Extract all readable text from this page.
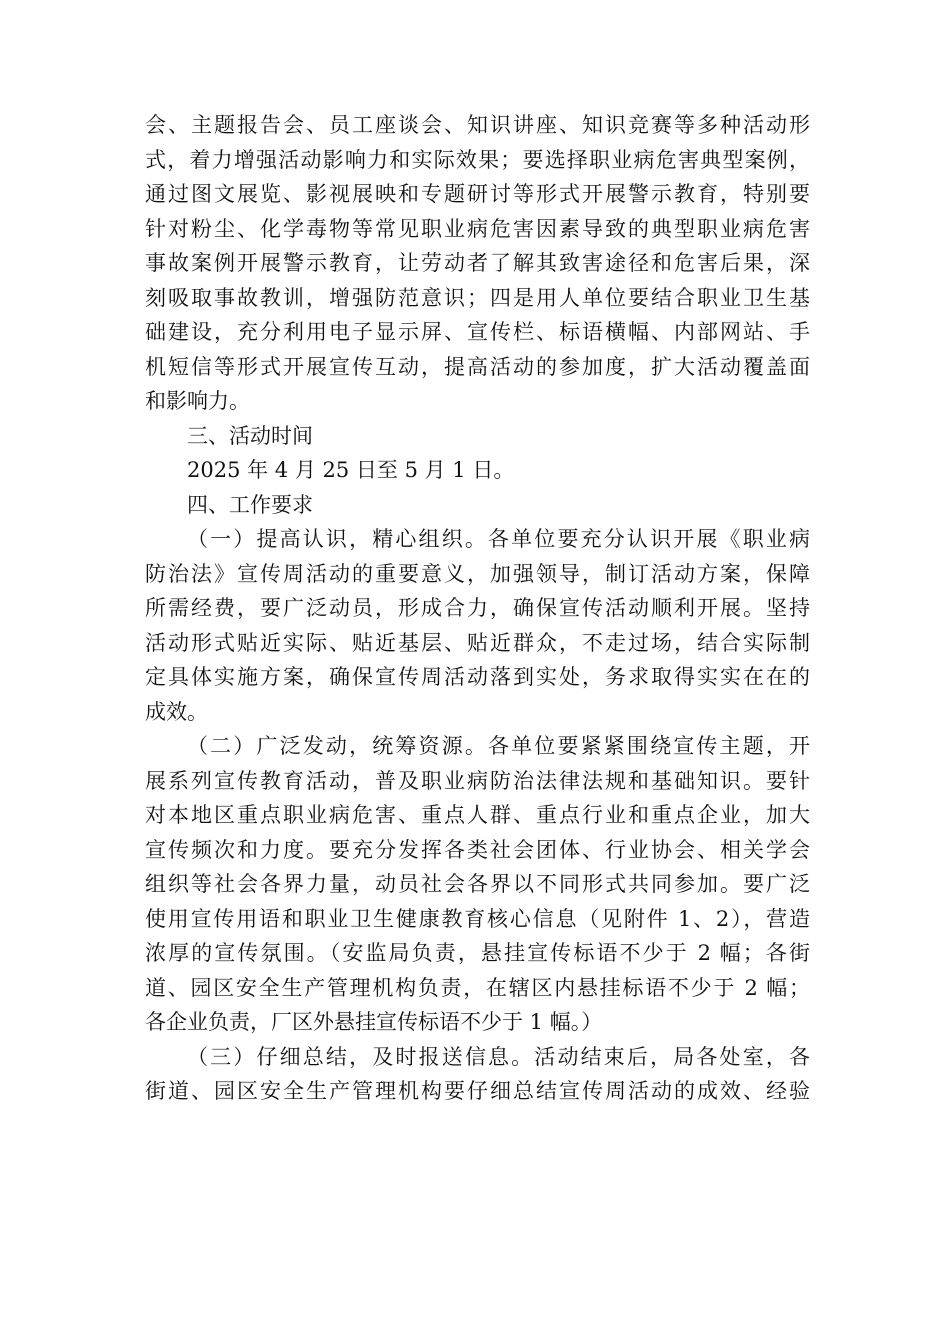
会、主题报告会、员工座谈会、知识讲座、知识竞赛等多种活动形
式，着力增强活动影响力和实际效果；要选择职业病危害典型案例，
通过图文展览、影视展映和专题研讨等形式开展警示教育，特别要
针对粉尘、化学毒物等常见职业病危害因素导致的典型职业病危害
事故案例开展警示教育，让劳动者了解其致害途径和危害后果，深
刻吸取事故教训，增强防范意识；四是用人单位要结合职业卫生基
础建设，充分利用电子显示屏、宣传栏、标语横幅、内部网站、手
机短信等形式开展宣传互动，提高活动的参加度，扩大活动覆盖面
和影响力。
三、活动时间
2025 年 4 月 25 日至 5 月 1 日。
四、工作要求
（一）提高认识，精心组织。各单位要充分认识开展《职业病
防治法》宣传周活动的重要意义，加强领导，制订活动方案，保障
所需经费，要广泛动员，形成合力，确保宣传活动顺利开展。坚持
活动形式贴近实际、贴近基层、贴近群众，不走过场，结合实际制
定具体实施方案，确保宣传周活动落到实处，务求取得实实在在的
成效。
（二）广泛发动，统筹资源。各单位要紧紧围绕宣传主题，开
展系列宣传教育活动，普及职业病防治法律法规和基础知识。要针
对本地区重点职业病危害、重点人群、重点行业和重点企业，加大
宣传频次和力度。要充分发挥各类社会团体、行业协会、相关学会
组织等社会各界力量，动员社会各界以不同形式共同参加。要广泛
使用宣传用语和职业卫生健康教育核心信息（见附件 1、2），营造
浓厚的宣传氛围。（安监局负责，悬挂宣传标语不少于 2 幅；各街
道、园区安全生产管理机构负责，在辖区内悬挂标语不少于 2 幅；
各企业负责，厂区外悬挂宣传标语不少于 1 幅。）
（三）仔细总结，及时报送信息。活动结束后，局各处室，各
街道、园区安全生产管理机构要仔细总结宣传周活动的成效、经验
